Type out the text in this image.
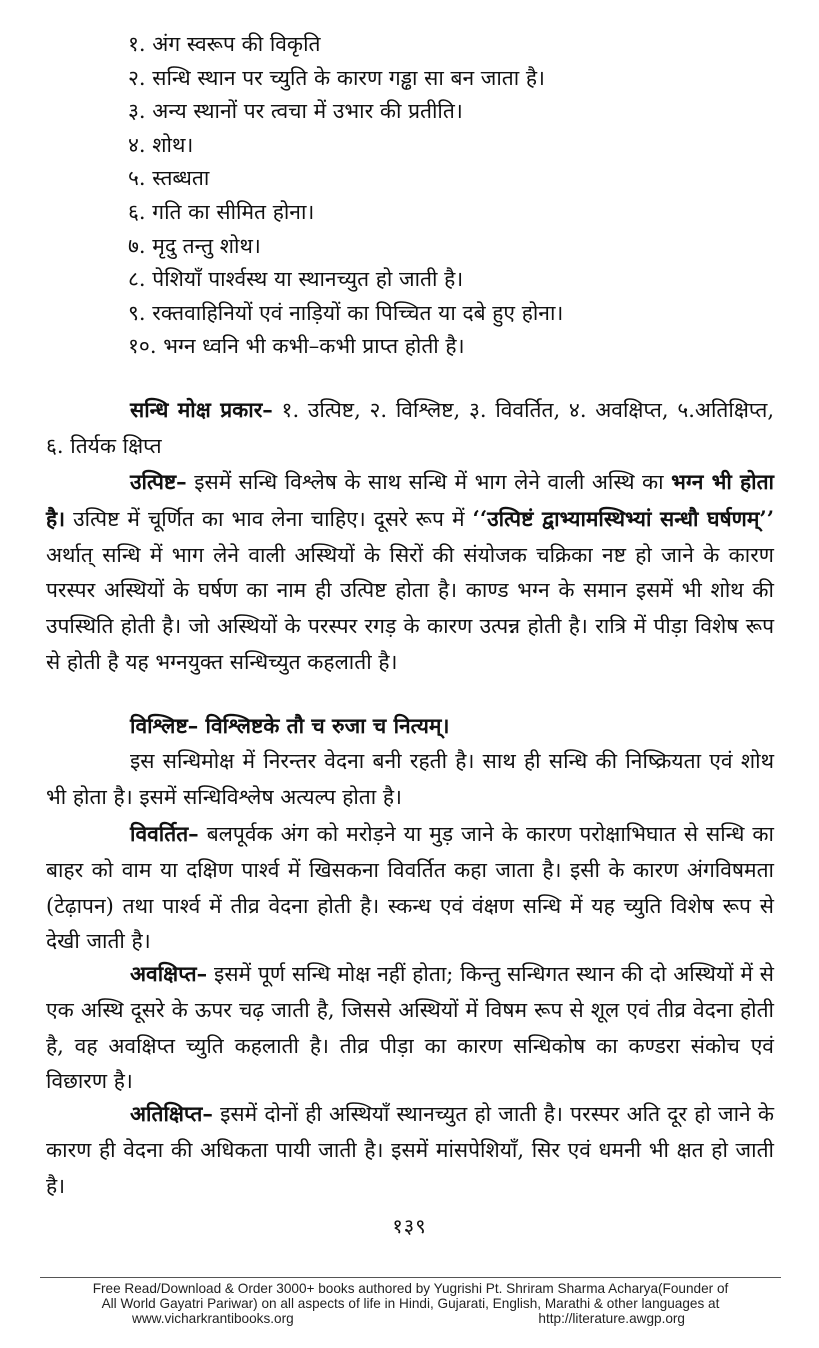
१. अंग स्वरूप की विकृति
२. सन्धि स्थान पर च्युति के कारण गड्ढा सा बन जाता है।
३. अन्य स्थानों पर त्वचा में उभार की प्रतीति।
४. शोथ।
५. स्तब्धता
६. गति का सीमित होना।
७. मृदु तन्तु शोथ।
८. पेशियाँ पार्श्वस्थ या स्थानच्युत हो जाती है।
९. रक्तवाहिनियों एवं नाड़ियों का पिच्चित या दबे हुए होना।
१०. भग्न ध्वनि भी कभी–कभी प्राप्त होती है।
सन्धि मोक्ष प्रकार– १. उत्पिष्ट, २. विश्लिष्ट, ३. विवर्तित, ४. अवक्षिप्त, ५.अतिक्षिप्त, ६. तिर्यक क्षिप्त
उत्पिष्ट– इसमें सन्धि विश्लेष के साथ सन्धि में भाग लेने वाली अस्थि का भग्न भी होता है। उत्पिष्ट में चूर्णित का भाव लेना चाहिए। दूसरे रूप में ‘‘उत्पिष्टं द्वाभ्यामस्थिभ्यां सन्धौ घर्षणम्’’ अर्थात् सन्धि में भाग लेने वाली अस्थियों के सिरों की संयोजक चक्रिका नष्ट हो जाने के कारण परस्पर अस्थियों के घर्षण का नाम ही उत्पिष्ट होता है। काण्ड भग्न के समान इसमें भी शोथ की उपस्थिति होती है। जो अस्थियों के परस्पर रगड़ के कारण उत्पन्न होती है। रात्रि में पीड़ा विशेष रूप से होती है यह भग्नयुक्त सन्धिच्युत कहलाती है।
विश्लिष्ट– विश्लिष्टके तौ च रुजा च नित्यम्।
इस सन्धिमोक्ष में निरन्तर वेदना बनी रहती है। साथ ही सन्धि की निष्क्रियता एवं शोथ भी होता है। इसमें सन्धिविश्लेष अत्यल्प होता है।
विवर्तित– बलपूर्वक अंग को मरोड़ने या मुड़ जाने के कारण परोक्षाभिघात से सन्धि का बाहर को वाम या दक्षिण पार्श्व में खिसकना विवर्तित कहा जाता है। इसी के कारण अंगविषमता (टेढ़ापन) तथा पार्श्व में तीव्र वेदना होती है। स्कन्ध एवं वंक्षण सन्धि में यह च्युति विशेष रूप से देखी जाती है।
अवक्षिप्त– इसमें पूर्ण सन्धि मोक्ष नहीं होता; किन्तु सन्धिगत स्थान की दो अस्थियों में से एक अस्थि दूसरे के ऊपर चढ़ जाती है, जिससे अस्थियों में विषम रूप से शूल एवं तीव्र वेदना होती है, वह अवक्षिप्त च्युति कहलाती है। तीव्र पीड़ा का कारण सन्धिकोष का कण्डरा संकोच एवं विछारण है।
अतिक्षिप्त– इसमें दोनों ही अस्थियाँ स्थानच्युत हो जाती है। परस्पर अति दूर हो जाने के कारण ही वेदना की अधिकता पायी जाती है। इसमें मांसपेशियाँ, सिर एवं धमनी भी क्षत हो जाती है।
१३९
Free Read/Download & Order 3000+ books authored by Yugrishi Pt. Shriram Sharma Acharya(Founder of
All World Gayatri Pariwar) on all aspects of life in Hindi, Gujarati, English, Marathi & other languages at
www.vicharkrantibooks.org	http://literature.awgp.org
